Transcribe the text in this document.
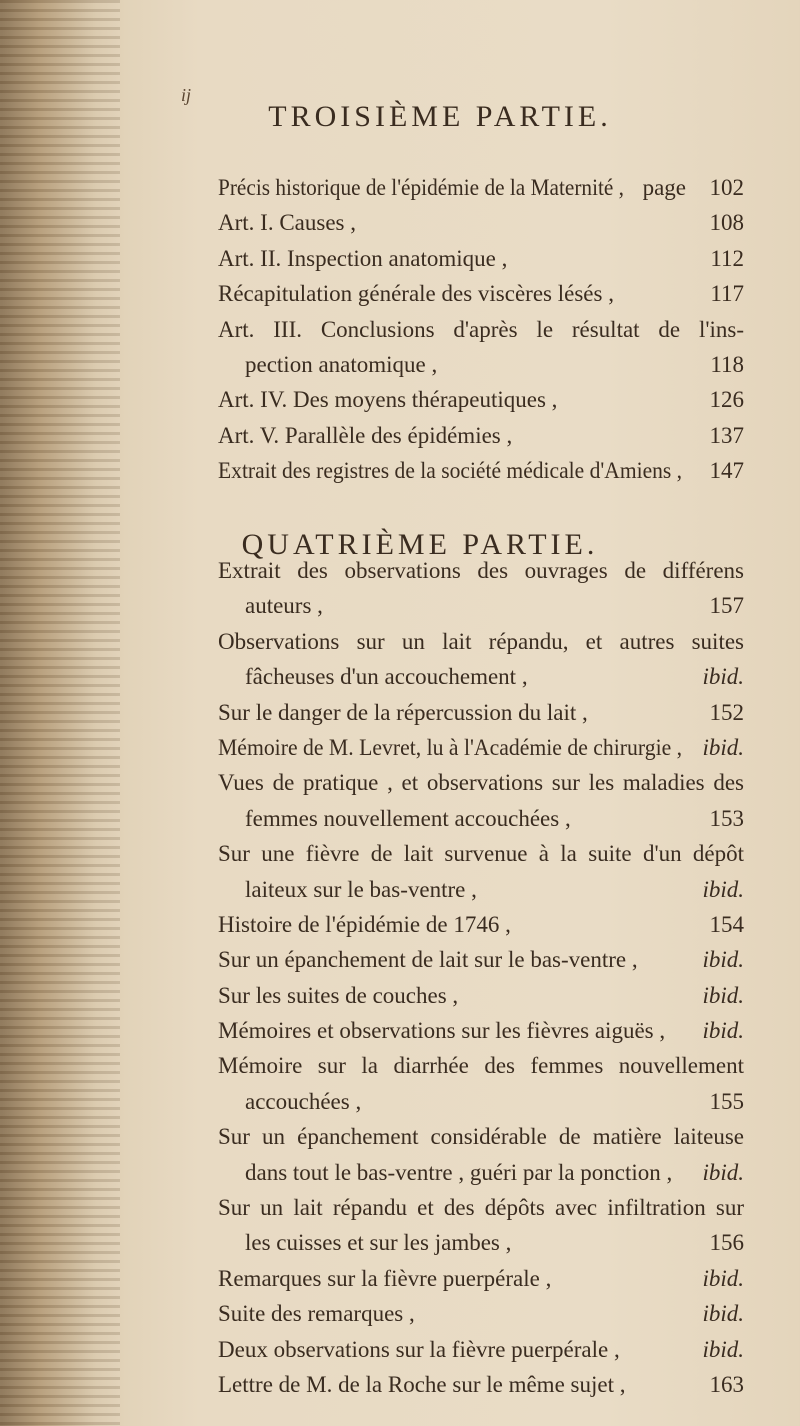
ij
TROISIÈME PARTIE.
Précis historique de l'épidémie de la Maternité , page 102
Art. I. Causes ,	108
Art. II. Inspection anatomique ,	112
Récapitulation générale des viscères lésés ,	117
Art. III. Conclusions d'après le résultat de l'ins-
pection anatomique ,	118
Art. IV. Des moyens thérapeutiques ,	126
Art. V. Parallèle des épidémies ,	137
Extrait des registres de la société médicale d'Amiens , 147
QUATRIÈME PARTIE.
Extrait des observations des ouvrages de différens
auteurs ,	157
Observations sur un lait répandu, et autres suites
fâcheuses d'un accouchement ,	ibid.
Sur le danger de la répercussion du lait ,	152
Mémoire de M. Levret, lu à l'Académie de chirurgie , ibid.
Vues de pratique , et observations sur les maladies des
femmes nouvellement accouchées ,	153
Sur une fièvre de lait survenue à la suite d'un dépôt
laiteux sur le bas-ventre ,	ibid.
Histoire de l'épidémie de 1746 ,	154
Sur un épanchement de lait sur le bas-ventre ,	ibid.
Sur les suites de couches ,	ibid.
Mémoires et observations sur les fièvres aiguës , ibid.
Mémoire sur la diarrhée des femmes nouvellement
accouchées ,	155
Sur un épanchement considérable de matière laiteuse
dans tout le bas-ventre , guéri par la ponction , ibid.
Sur un lait répandu et des dépôts avec infiltration sur
les cuisses et sur les jambes ,	156
Remarques sur la fièvre puerpérale ,	ibid.
Suite des remarques ,	ibid.
Deux observations sur la fièvre puerpérale ,	ibid.
Lettre de M. de la Roche sur le même sujet ,	163
